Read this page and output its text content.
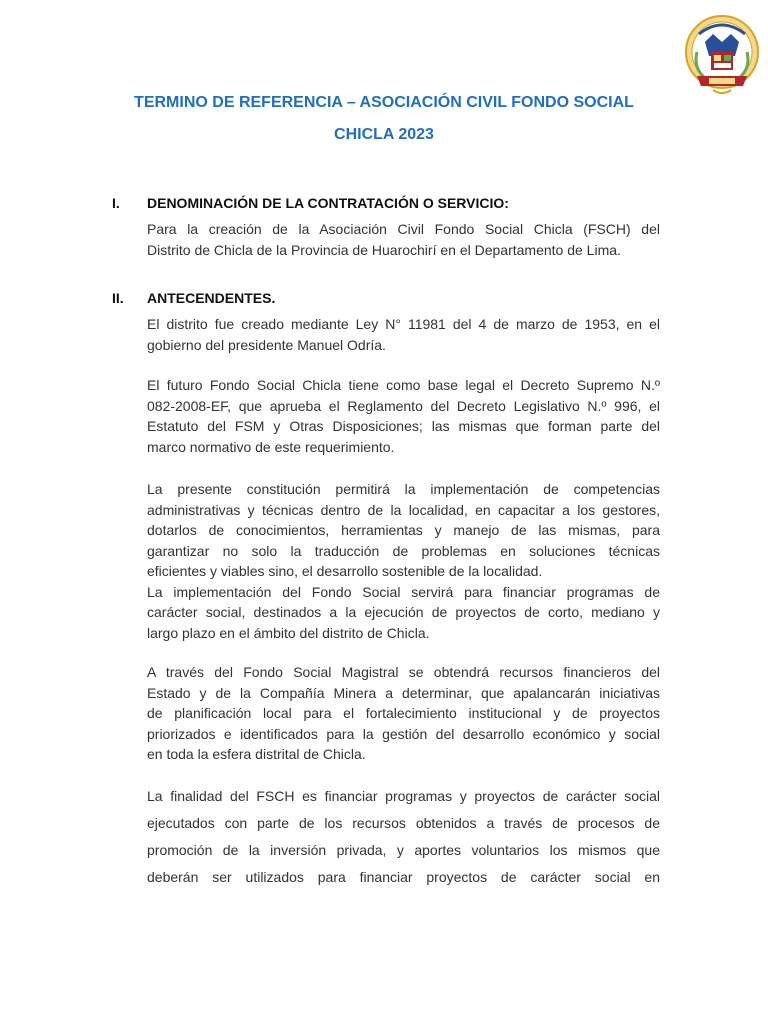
TERMINO DE REFERENCIA – ASOCIACIÓN CIVIL FONDO SOCIAL
CHICLA 2023
I. DENOMINACIÓN DE LA CONTRATACIÓN O SERVICIO:
Para la creación de la Asociación Civil Fondo Social Chicla (FSCH) del
Distrito de Chicla de la Provincia de Huarochirí en el Departamento de Lima.
II. ANTECENDENTES.
El distrito fue creado mediante Ley N° 11981 del 4 de marzo de 1953, en el
gobierno del presidente Manuel Odría.
El futuro Fondo Social Chicla tiene como base legal el Decreto Supremo N.º
082-2008-EF, que aprueba el Reglamento del Decreto Legislativo N.º 996, el
Estatuto del FSM y Otras Disposiciones; las mismas que forman parte del
marco normativo de este requerimiento.
La presente constitución permitirá la implementación de competencias
administrativas y técnicas dentro de la localidad, en capacitar a los gestores,
dotarlos de conocimientos, herramientas y manejo de las mismas, para
garantizar no solo la traducción de problemas en soluciones técnicas
eficientes y viables sino, el desarrollo sostenible de la localidad.
La implementación del Fondo Social servirá para financiar programas de
carácter social, destinados a la ejecución de proyectos de corto, mediano y
largo plazo en el ámbito del distrito de Chicla.
A través del Fondo Social Magistral se obtendrá recursos financieros del
Estado y de la Compañía Minera a determinar, que apalancarán iniciativas
de planificación local para el fortalecimiento institucional y de proyectos
priorizados e identificados para la gestión del desarrollo económico y social
en toda la esfera distrital de Chicla.
La finalidad del FSCH es financiar programas y proyectos de carácter social
ejecutados con parte de los recursos obtenidos a través de procesos de
promoción de la inversión privada, y aportes voluntarios los mismos que
deberán ser utilizados para financiar proyectos de carácter social en
